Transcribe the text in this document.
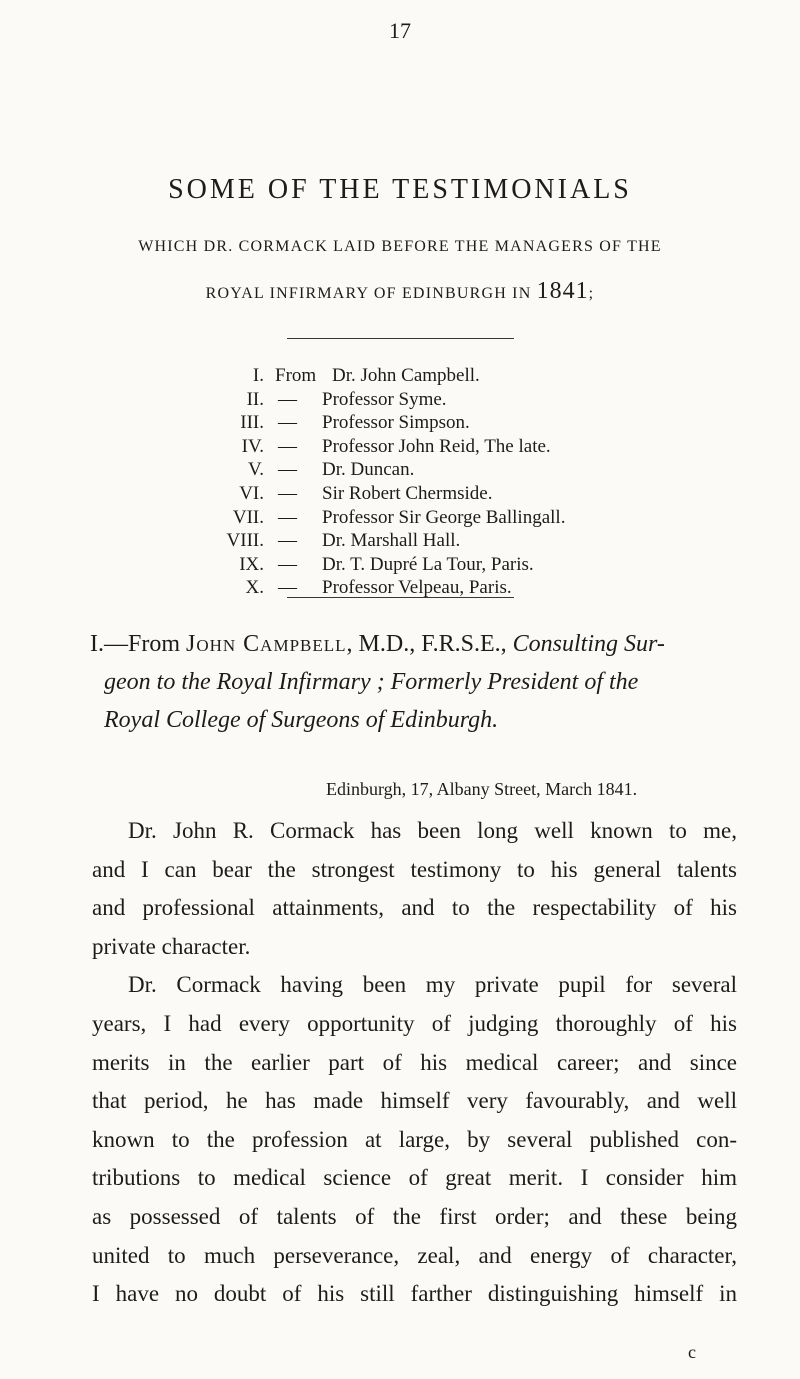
17
SOME OF THE TESTIMONIALS
WHICH DR. CORMACK LAID BEFORE THE MANAGERS OF THE
ROYAL INFIRMARY OF EDINBURGH IN 1841;
I. From Dr. John Campbell.
II. — Professor Syme.
III. — Professor Simpson.
IV. — Professor John Reid, The late.
V. — Dr. Duncan.
VI. — Sir Robert Chermside.
VII. — Professor Sir George Ballingall.
VIII. — Dr. Marshall Hall.
IX. — Dr. T. Dupré La Tour, Paris.
X. — Professor Velpeau, Paris.
I.—From John Campbell, M.D., F.R.S.E., Consulting Sur-
geon to the Royal Infirmary ; Formerly President of the
Royal College of Surgeons of Edinburgh.
Edinburgh, 17, Albany Street, March 1841.
Dr. John R. Cormack has been long well known to me,
and I can bear the strongest testimony to his general talents
and professional attainments, and to the respectability of his
private character.
Dr. Cormack having been my private pupil for several
years, I had every opportunity of judging thoroughly of his
merits in the earlier part of his medical career; and since
that period, he has made himself very favourably, and well
known to the profession at large, by several published con-
tributions to medical science of great merit. I consider him
as possessed of talents of the first order; and these being
united to much perseverance, zeal, and energy of character,
I have no doubt of his still farther distinguishing himself in
c
